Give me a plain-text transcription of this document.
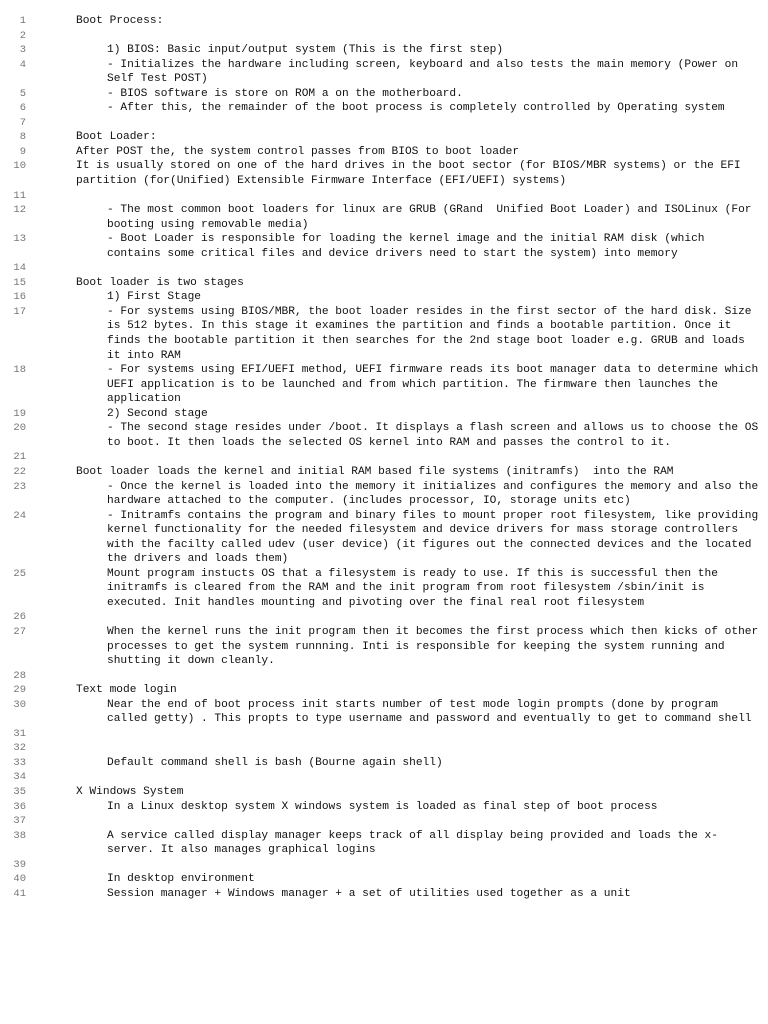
1	Boot Process:
2
3	1) BIOS: Basic input/output system (This is the first step)
4	- Initializes the hardware including screen, keyboard and also tests the main memory (Power on Self Test POST)
5	- BIOS software is store on ROM a on the motherboard.
6	- After this, the remainder of the boot process is completely controlled by Operating system
7
8	Boot Loader:
9	After POST the, the system control passes from BIOS to boot loader
10	It is usually stored on one of the hard drives in the boot sector (for BIOS/MBR systems) or the EFI partition (for(Unified) Extensible Firmware Interface (EFI/UEFI) systems)
11
12	- The most common boot loaders for linux are GRUB (GRand  Unified Boot Loader) and ISOLinux (For booting using removable media)
13	- Boot Loader is responsible for loading the kernel image and the initial RAM disk (which contains some critical files and device drivers need to start the system) into memory
14
15	Boot loader is two stages
16	1) First Stage
17	- For systems using BIOS/MBR, the boot loader resides in the first sector of the hard disk. Size is 512 bytes. In this stage it examines the partition and finds a bootable partition. Once it finds the bootable partition it then searches for the 2nd stage boot loader e.g. GRUB and loads it into RAM
18	- For systems using EFI/UEFI method, UEFI firmware reads its boot manager data to determine which UEFI application is to be launched and from which partition. The firmware then launches the application
19	2) Second stage
20	- The second stage resides under /boot. It displays a flash screen and allows us to choose the OS to boot. It then loads the selected OS kernel into RAM and passes the control to it.
21
22	Boot loader loads the kernel and initial RAM based file systems (initramfs)  into the RAM
23	- Once the kernel is loaded into the memory it initializes and configures the memory and also the hardware attached to the computer. (includes processor, IO, storage units etc)
24	- Initramfs contains the program and binary files to mount proper root filesystem, like providing kernel functionality for the needed filesystem and device drivers for mass storage controllers with the facilty called udev (user device) (it figures out the connected devices and the located the drivers and loads them)
25	Mount program instucts OS that a filesystem is ready to use. If this is successful then the initramfs is cleared from the RAM and the init program from root filesystem /sbin/init is executed. Init handles mounting and pivoting over the final real root filesystem
26
27	When the kernel runs the init program then it becomes the first process which then kicks of other processes to get the system runnning. Inti is responsible for keeping the system running and shutting it down cleanly.
28
29	Text mode login
30	Near the end of boot process init starts number of test mode login prompts (done by program called getty) . This propts to type username and password and eventually to get to command shell
31
32
33	Default command shell is bash (Bourne again shell)
34
35	X Windows System
36	In a Linux desktop system X windows system is loaded as final step of boot process
37
38	A service called display manager keeps track of all display being provided and loads the x-server. It also manages graphical logins
39
40	In desktop environment
41	Session manager + Windows manager + a set of utilities used together as a unit
